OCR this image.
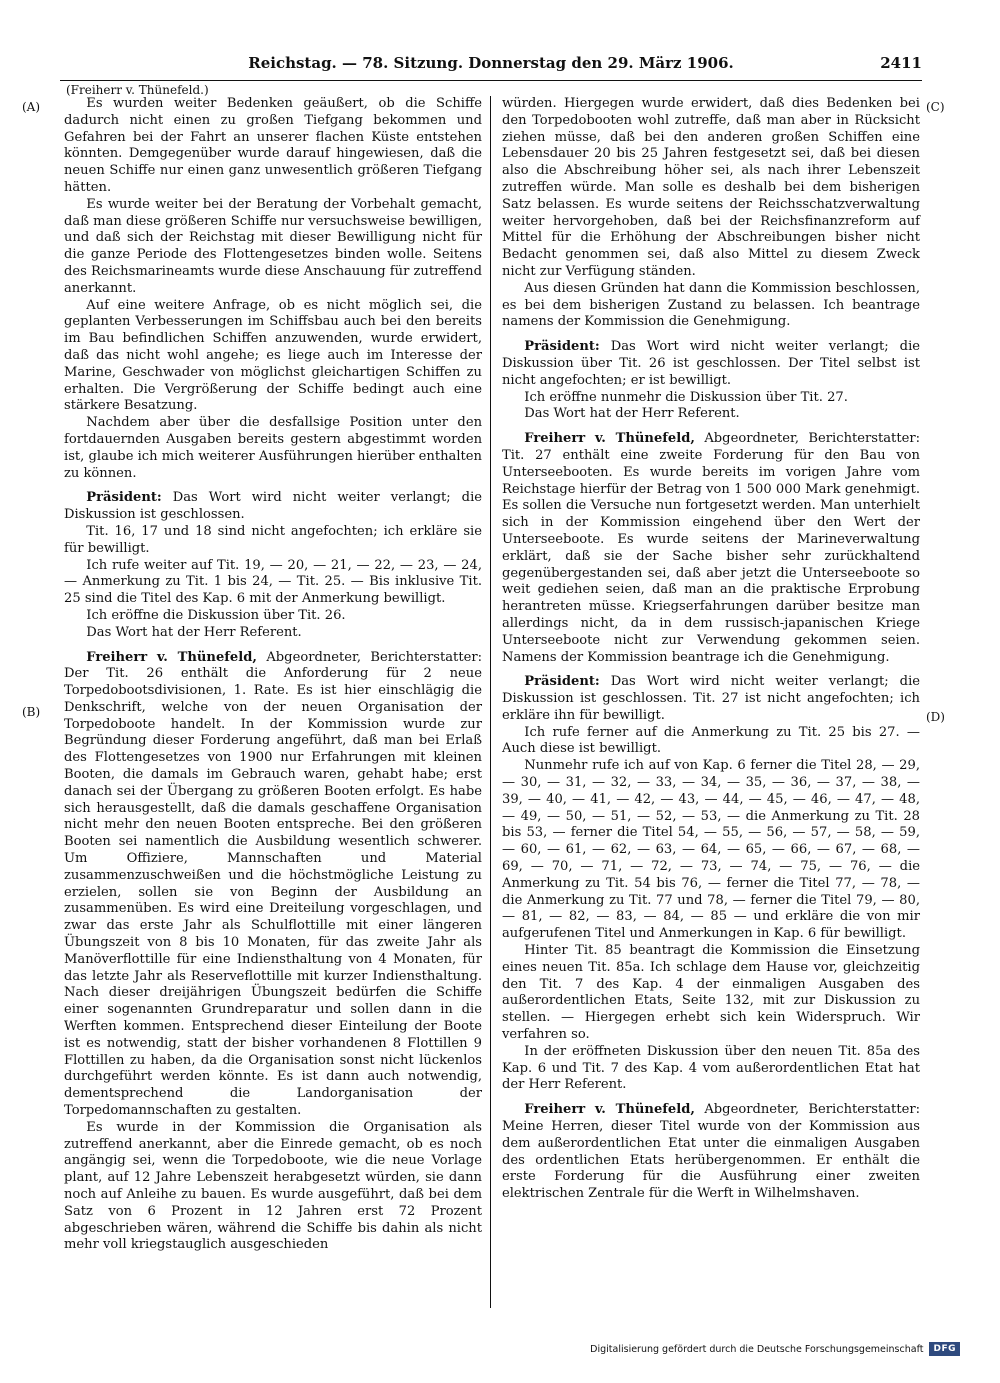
Reichstag. — 78. Sitzung. Donnerstag den 29. März 1906.	2411
(Freiherr v. Thünefeld.)
(A)
(B)
(C)
(D)

Es wurden weiter Bedenken geäußert, ob die Schiffe dadurch nicht einen zu großen Tiefgang bekommen und Gefahren bei der Fahrt an unserer flachen Küste entstehen könnten. Demgegenüber wurde darauf hingewiesen, daß die neuen Schiffe nur einen ganz unwesentlich größeren Tiefgang hätten.

Es wurde weiter bei der Beratung der Vorbehalt gemacht, daß man diese größeren Schiffe nur versuchsweise bewilligen, und daß sich der Reichstag mit dieser Bewilligung nicht für die ganze Periode des Flottengesetzes binden wolle. Seitens des Reichsmarineamts wurde diese Anschauung für zutreffend anerkannt.

Auf eine weitere Anfrage, ob es nicht möglich sei, die geplanten Verbesserungen im Schiffsbau auch bei den bereits im Bau befindlichen Schiffen anzuwenden, wurde erwidert, daß das nicht wohl angehe; es liege auch im Interesse der Marine, Geschwader von möglichst gleichartigen Schiffen zu erhalten. Die Vergrößerung der Schiffe bedingt auch eine stärkere Besatzung.

Nachdem aber über die desfallsige Position unter den fortdauernden Ausgaben bereits gestern abgestimmt worden ist, glaube ich mich weiterer Ausführungen hierüber enthalten zu können.

Präsident: Das Wort wird nicht weiter verlangt; die Diskussion ist geschlossen.

Tit. 16, 17 und 18 sind nicht angefochten; ich erkläre sie für bewilligt.

Ich rufe weiter auf Tit. 19, — 20, — 21, — 22, — 23, — 24, — Anmerkung zu Tit. 1 bis 24, — Tit. 25. — Bis inklusive Tit. 25 sind die Titel des Kap. 6 mit der Anmerkung bewilligt.

Ich eröffne die Diskussion über Tit. 26.

Das Wort hat der Herr Referent.

Freiherr v. Thünefeld, Abgeordneter, Berichterstatter: Der Tit. 26 enthält die Anforderung für 2 neue Torpedobootsdivisionen, 1. Rate. Es ist hier einschlägig die Denkschrift, welche von der neuen Organisation der Torpedoboote handelt. In der Kommission wurde zur Begründung dieser Forderung angeführt, daß man bei Erlaß des Flottengesetzes von 1900 nur Erfahrungen mit kleinen Booten, die damals im Gebrauch waren, gehabt habe; erst danach sei der Übergang zu größeren Booten erfolgt. Es habe sich herausgestellt, daß die damals geschaffene Organisation nicht mehr den neuen Booten entspreche. Bei den größeren Booten sei namentlich die Ausbildung wesentlich schwerer. Um Offiziere, Mannschaften und Material zusammenzuschweißen und die höchstmögliche Leistung zu erzielen, sollen sie von Beginn der Ausbildung an zusammenüben. Es wird eine Dreiteilung vorgeschlagen, und zwar das erste Jahr als Schulflottille mit einer längeren Übungszeit von 8 bis 10 Monaten, für das zweite Jahr als Manöverflottille für eine Indiensthaltung von 4 Monaten, für das letzte Jahr als Reserveflottille mit kurzer Indiensthaltung. Nach dieser dreijährigen Übungszeit bedürfen die Schiffe einer sogenannten Grundreparatur und sollen dann in die Werften kommen. Entsprechend dieser Einteilung der Boote ist es notwendig, statt der bisher vorhandenen 8 Flottillen 9 Flottillen zu haben, da die Organisation sonst nicht lückenlos durchgeführt werden könnte. Es ist dann auch notwendig, dementsprechend die Landorganisation der Torpedomannschaften zu gestalten.

Es wurde in der Kommission die Organisation als zutreffend anerkannt, aber die Einrede gemacht, ob es noch angängig sei, wenn die Torpedoboote, wie die neue Vorlage plant, auf 12 Jahre Lebenszeit herabgesetzt würden, sie dann noch auf Anleihe zu bauen. Es wurde ausgeführt, daß bei dem Satz von 6 Prozent in 12 Jahren erst 72 Prozent abgeschrieben wären, während die Schiffe bis dahin als nicht mehr voll kriegstauglich ausgeschieden

würden. Hiergegen wurde erwidert, daß dies Bedenken bei den Torpedobooten wohl zutreffe, daß man aber in Rücksicht ziehen müsse, daß bei den anderen großen Schiffen eine Lebensdauer 20 bis 25 Jahren festgesetzt sei, daß bei diesen also die Abschreibung höher sei, als nach ihrer Lebenszeit zutreffen würde. Man solle es deshalb bei dem bisherigen Satz belassen. Es wurde seitens der Reichsschatzverwaltung weiter hervorgehoben, daß bei der Reichsfinanzreform auf Mittel für die Erhöhung der Abschreibungen bisher nicht Bedacht genommen sei, daß also Mittel zu diesem Zweck nicht zur Verfügung ständen.

Aus diesen Gründen hat dann die Kommission beschlossen, es bei dem bisherigen Zustand zu belassen. Ich beantrage namens der Kommission die Genehmigung.

Präsident: Das Wort wird nicht weiter verlangt; die Diskussion über Tit. 26 ist geschlossen. Der Titel selbst ist nicht angefochten; er ist bewilligt.

Ich eröffne nunmehr die Diskussion über Tit. 27.

Das Wort hat der Herr Referent.

Freiherr v. Thünefeld, Abgeordneter, Berichterstatter: Tit. 27 enthält eine zweite Forderung für den Bau von Unterseebooten. Es wurde bereits im vorigen Jahre vom Reichstage hierfür der Betrag von 1 500 000 Mark genehmigt. Es sollen die Versuche nun fortgesetzt werden. Man unterhielt sich in der Kommission eingehend über den Wert der Unterseeboote. Es wurde seitens der Marineverwaltung erklärt, daß sie der Sache bisher sehr zurückhaltend gegenübergestanden sei, daß aber jetzt die Unterseeboote so weit gediehen seien, daß man an die praktische Erprobung herantreten müsse. Kriegserfahrungen darüber besitze man allerdings nicht, da in dem russisch-japanischen Kriege Unterseeboote nicht zur Verwendung gekommen seien. Namens der Kommission beantrage ich die Genehmigung.

Präsident: Das Wort wird nicht weiter verlangt; die Diskussion ist geschlossen. Tit. 27 ist nicht angefochten; ich erkläre ihn für bewilligt.

Ich rufe ferner auf die Anmerkung zu Tit. 25 bis 27. — Auch diese ist bewilligt.

Nunmehr rufe ich auf von Kap. 6 ferner die Titel 28, — 29, — 30, — 31, — 32, — 33, — 34, — 35, — 36, — 37, — 38, — 39, — 40, — 41, — 42, — 43, — 44, — 45, — 46, — 47, — 48, — 49, — 50, — 51, — 52, — 53, — die Anmerkung zu Tit. 28 bis 53, — ferner die Titel 54, — 55, — 56, — 57, — 58, — 59, — 60, — 61, — 62, — 63, — 64, — 65, — 66, — 67, — 68, — 69, — 70, — 71, — 72, — 73, — 74, — 75, — 76, — die Anmerkung zu Tit. 54 bis 76, — ferner die Titel 77, — 78, — die Anmerkung zu Tit. 77 und 78, — ferner die Titel 79, — 80, — 81, — 82, — 83, — 84, — 85 — und erkläre die von mir aufgerufenen Titel und Anmerkungen in Kap. 6 für bewilligt.

Hinter Tit. 85 beantragt die Kommission die Einsetzung eines neuen Tit. 85a. Ich schlage dem Hause vor, gleichzeitig den Tit. 7 des Kap. 4 der einmaligen Ausgaben des außerordentlichen Etats, Seite 132, mit zur Diskussion zu stellen. — Hiergegen erhebt sich kein Widerspruch. Wir verfahren so.

In der eröffneten Diskussion über den neuen Tit. 85a des Kap. 6 und Tit. 7 des Kap. 4 vom außerordentlichen Etat hat der Herr Referent.

Freiherr v. Thünefeld, Abgeordneter, Berichterstatter: Meine Herren, dieser Titel wurde von der Kommission aus dem außerordentlichen Etat unter die einmaligen Ausgaben des ordentlichen Etats herübergenommen. Er enthält die erste Forderung für die Ausführung einer zweiten elektrischen Zentrale für die Werft in Wilhelmshaven.

Digitalisierung gefördert durch die Deutsche Forschungsgemeinschaft	DFG
